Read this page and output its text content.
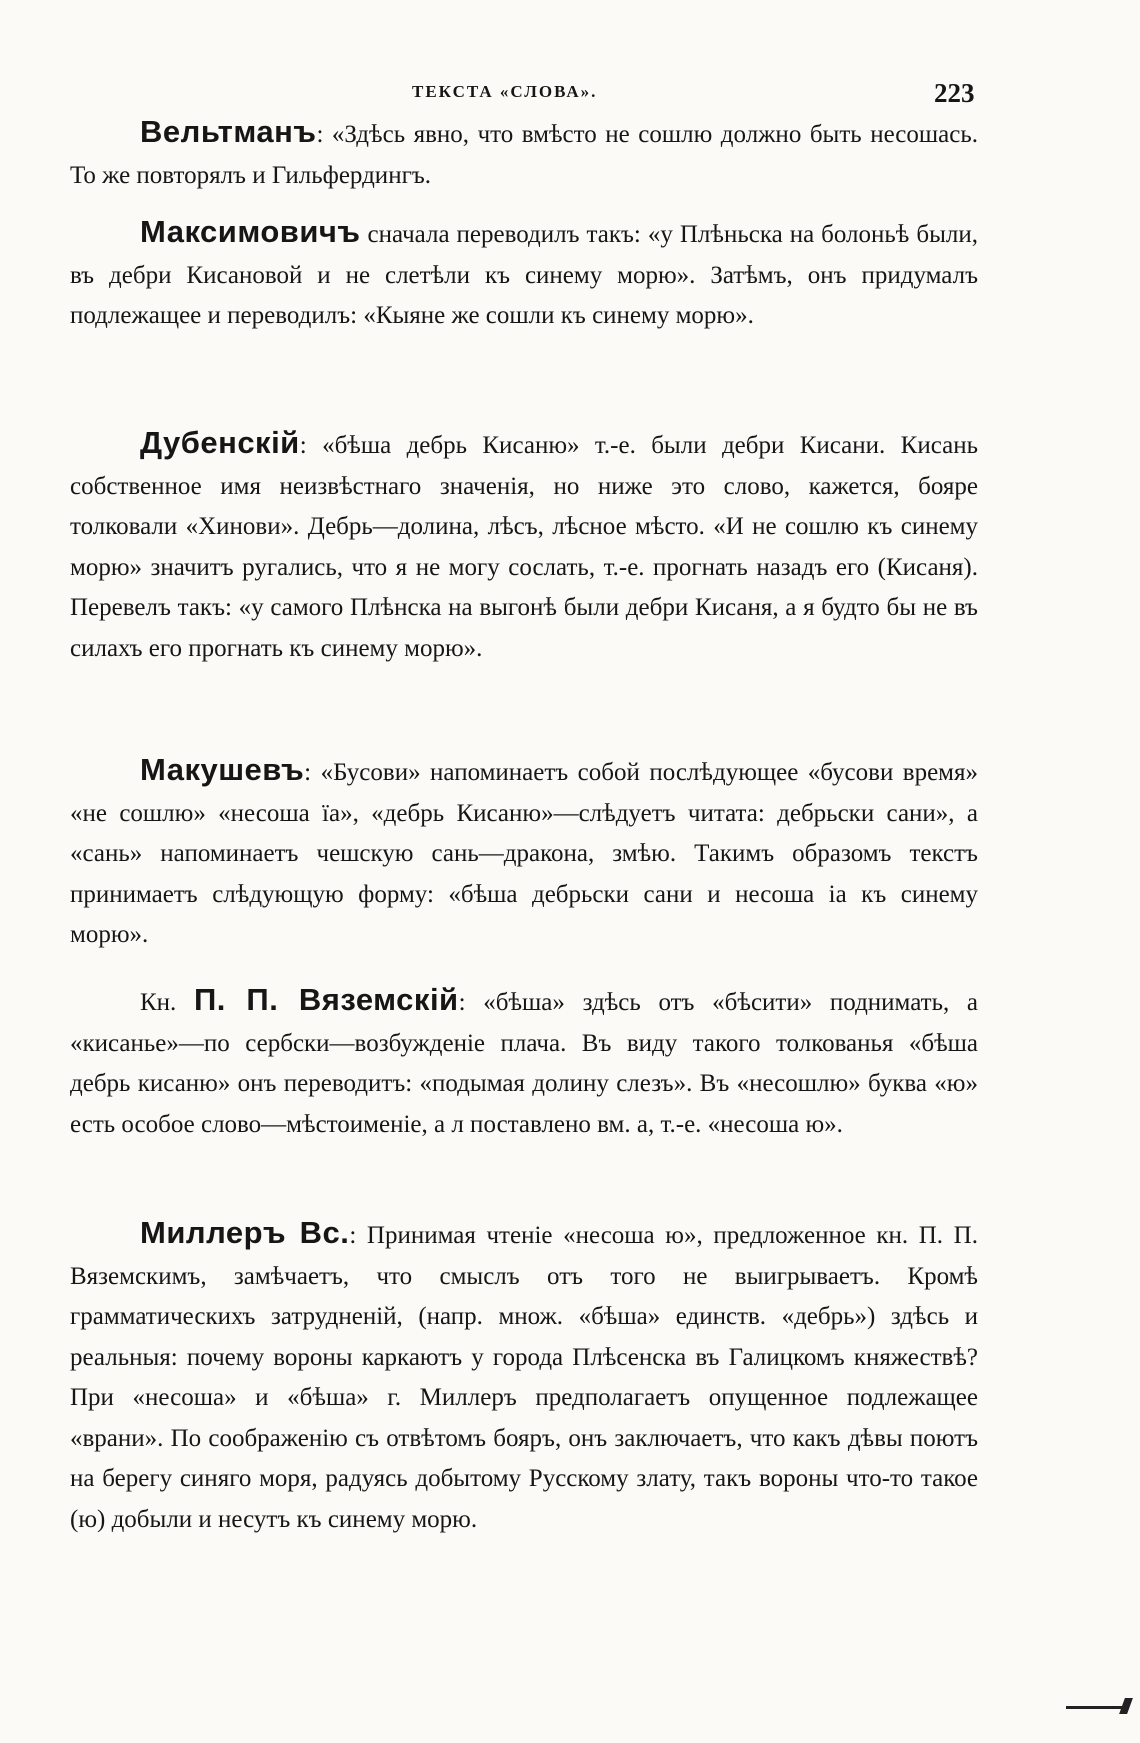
ТЕКСТА «СЛОВА».	223

Вельтманъ: «Здѣсь явно, что вмѣсто не сошлю должно быть несошась. То же повторялъ и Гильфердингъ.

Максимовичъ сначала переводилъ такъ: «у Плѣньска на болоньѣ были, въ дебри Кисановой и не слетѣли къ синему морю». Затѣмъ, онъ придумалъ подлежащее и переводилъ: «Кыяне же сошли къ синему морю».

Дубенскій: «бѣша дебрь Кисаню» т.-е. были дебри Кисани. Кисань собственное имя неизвѣстнаго значенія, но ниже это слово, кажется, бояре толковали «Хинови». Дебрь—долина, лѣсъ, лѣсное мѣсто. «И не сошлю къ синему морю» значитъ ругались, что я не могу сослать, т.-е. прогнать назадъ его (Кисаня). Перевелъ такъ: «у самого Плѣнска на выгонѣ были дебри Кисаня, а я будто бы не въ силахъ его прогнать къ синему морю».

Макушевъ: «Бусови» напоминаетъ собой послѣдующее «бусови время» «не сошлю» «несоша їа», «дебрь Кисаню»—слѣдуетъ читата: дебрьски сани», а «сань» напоминаетъ чешскую сань—дракона, змѣю. Такимъ образомъ текстъ принимаетъ слѣдующую форму: «бѣша дебрьски сани и несоша іа къ синему морю».

Кн. П. П. Вяземскій: «бѣша» здѣсь отъ «бѣсити» поднимать, а «кисанье»—по сербски—возбужденіе плача. Въ виду такого толкованья «бѣша дебрь кисаню» онъ переводитъ: «подымая долину слезъ». Въ «несошлю» буква «ю» есть особое слово—мѣстоименіе, а л поставлено вм. а, т.-е. «несоша ю».

Миллеръ Вс.: Принимая чтеніе «несоша ю», предложенное кн. П. П. Вяземскимъ, замѣчаетъ, что смыслъ отъ того не выигрываетъ. Кромѣ грамматическихъ затрудненій, (напр. множ. «бѣша» единств. «дебрь») здѣсь и реальныя: почему вороны каркаютъ у города Плѣсенска въ Галицкомъ княжествѣ? При «несоша» и «бѣша» г. Миллеръ предполагаетъ опущенное подлежащее «врани». По соображенію съ отвѣтомъ бояръ, онъ заключаетъ, что какъ дѣвы поютъ на берегу синяго моря, радуясь добытому Русскому злату, такъ вороны что-то такое (ю) добыли и несутъ къ синему морю.
